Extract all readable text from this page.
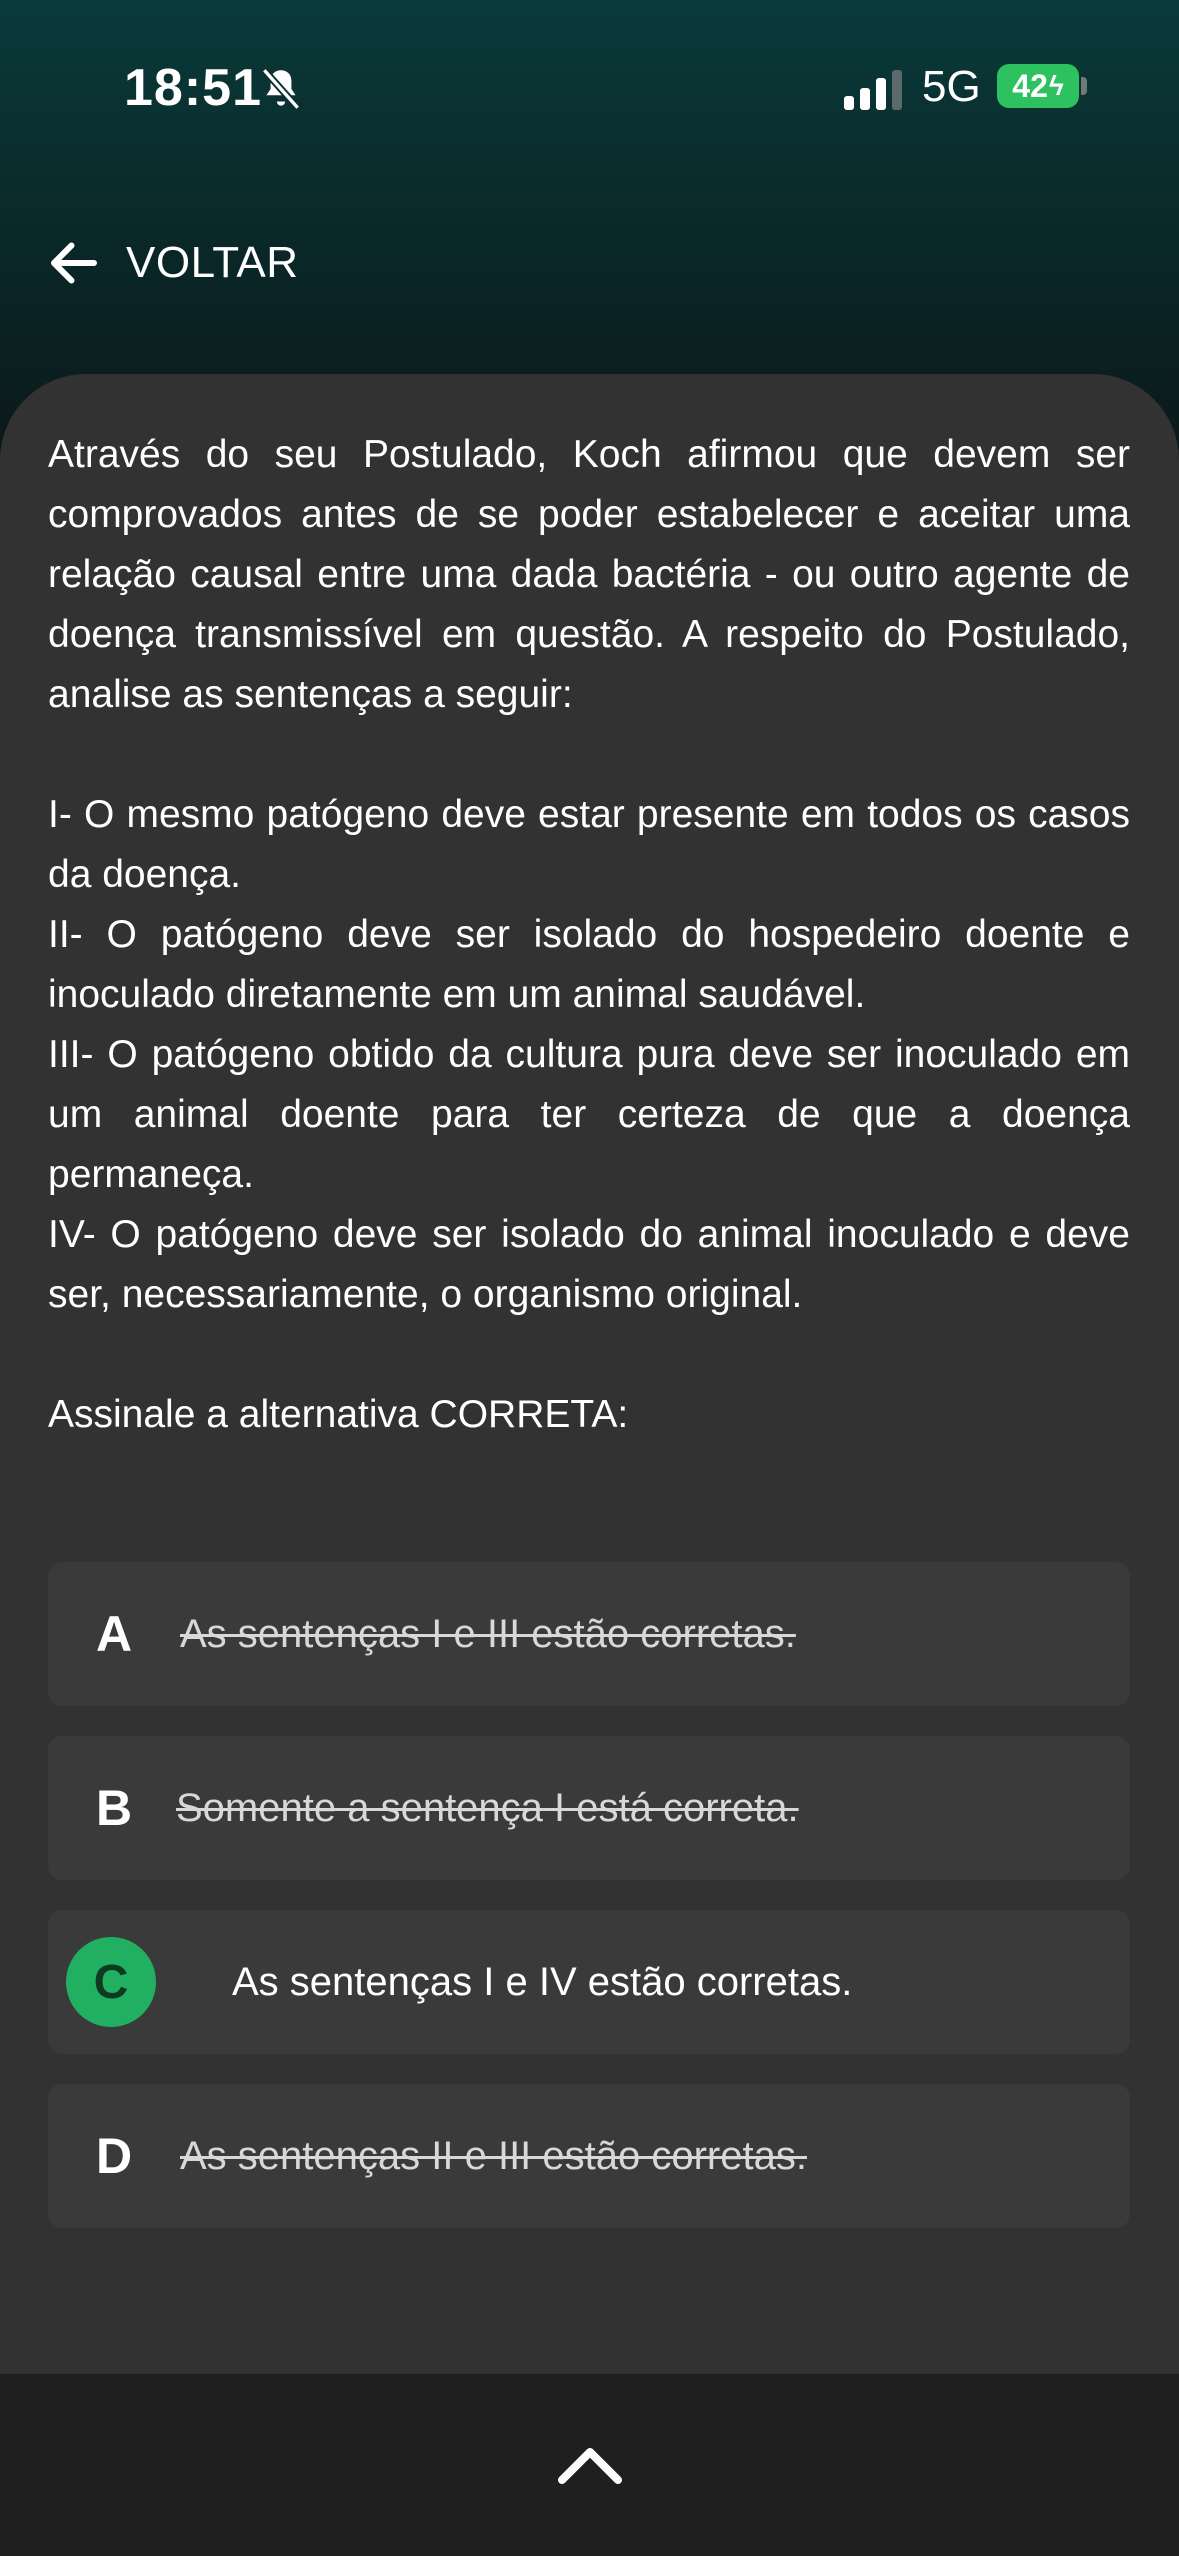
18:51	5G 42 ϟ
VOLTAR

Através do seu Postulado, Koch afirmou que devem ser comprovados antes de se poder estabelecer e aceitar uma relação causal entre uma dada bactéria - ou outro agente de doença transmissível em questão. A respeito do Postulado, analise as sentenças a seguir:

I- O mesmo patógeno deve estar presente em todos os casos da doença.

II- O patógeno deve ser isolado do hospedeiro doente e inoculado diretamente em um animal saudável.

III- O patógeno obtido da cultura pura deve ser inoculado em um animal doente para ter certeza de que a doença permaneça.

IV- O patógeno deve ser isolado do animal inoculado e deve ser, necessariamente, o organismo original.

Assinale a alternativa CORRETA:

A As sentenças I e III estão corretas.
B Somente a sentença I está correta.
C	As sentenças I e IV estão corretas.
D As sentenças II e III estão corretas.
